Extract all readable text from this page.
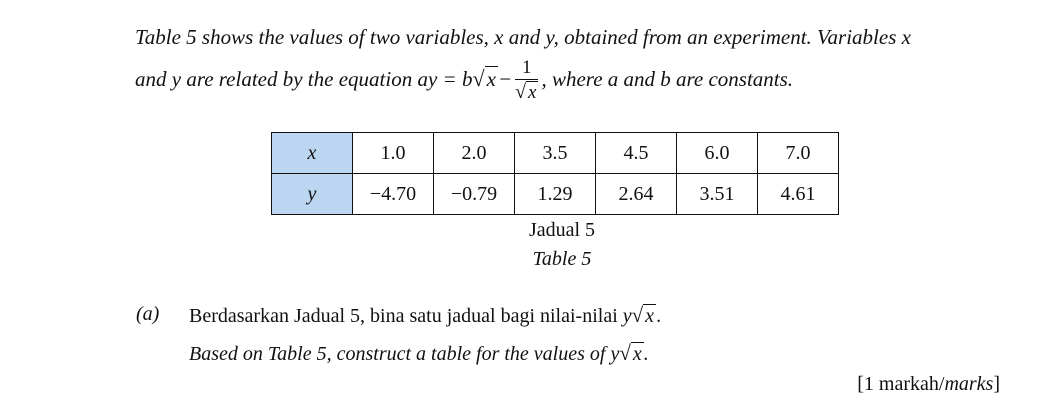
Table 5 shows the values of two variables, x and y, obtained from an experiment. Variables x
and y are related by the equation ay = $b√x- \frac{1}{√ x}$ , where a and b are constants.
x	1.0	2.0	3.5	4.5	6.0	7.0
y	−4.70	−0.79	1.29	2.64	3.51	4.61
Jadual 5
Table 5
(a) Berdasarkan Jadual 5, bina satu jadual bagi nilai-nilai y√ x .
Based on Table 5, construct a table for the values of y√ x .
[1 markah/marks]
